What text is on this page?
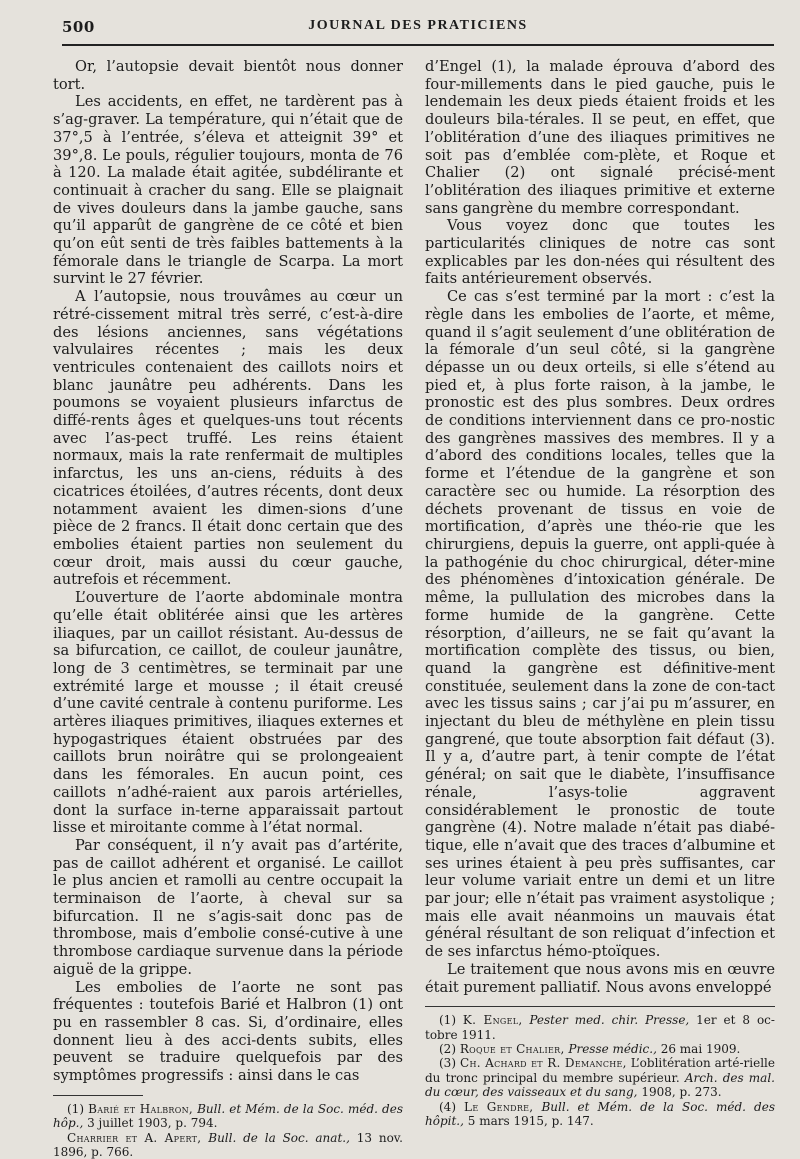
500	JOURNAL DES PRATICIENS

Or, l’autopsie devait bientôt nous donner tort.

Les accidents, en effet, ne tardèrent pas à s’ag-graver. La température, qui n’était que de 37°,5 à l’entrée, s’éleva et atteignit 39° et 39°,8. Le pouls, régulier toujours, monta de 76 à 120. La malade était agitée, subdélirante et continuait à cracher du sang. Elle se plaignait de vives douleurs dans la jambe gauche, sans qu’il apparût de gangrène de ce côté et bien qu’on eût senti de très faibles battements à la fémorale dans le triangle de Scarpa. La mort survint le 27 février.

A l’autopsie, nous trouvâmes au cœur un rétré-cissement mitral très serré, c’est-à-dire des lésions anciennes, sans végétations valvulaires récentes ; mais les deux ventricules contenaient des caillots noirs et blanc jaunâtre peu adhérents. Dans les poumons se voyaient plusieurs infarctus de diffé-rents âges et quelques-uns tout récents avec l’as-pect truffé. Les reins étaient normaux, mais la rate renfermait de multiples infarctus, les uns an-ciens, réduits à des cicatrices étoilées, d’autres récents, dont deux notamment avaient les dimen-sions d’une pièce de 2 francs. Il était donc certain que des embolies étaient parties non seulement du cœur droit, mais aussi du cœur gauche, autrefois et récemment.

L’ouverture de l’aorte abdominale montra qu’elle était oblitérée ainsi que les artères iliaques, par un caillot résistant. Au-dessus de sa bifurcation, ce caillot, de couleur jaunâtre, long de 3 centimètres, se terminait par une extrémité large et mousse ; il était creusé d’une cavité centrale à contenu puriforme. Les artères iliaques primitives, iliaques externes et hypogastriques étaient obstruées par des caillots brun noirâtre qui se prolongeaient dans les fémorales. En aucun point, ces caillots n’adhé-raient aux parois artérielles, dont la surface in-terne apparaissait partout lisse et miroitante comme à l’état normal.

Par conséquent, il n’y avait pas d’artérite, pas de caillot adhérent et organisé. Le caillot le plus ancien et ramolli au centre occupait la terminaison de l’aorte, à cheval sur sa bifurcation. Il ne s’agis-sait donc pas de thrombose, mais d’embolie consé-cutive à une thrombose cardiaque survenue dans la période aiguë de la grippe.

Les embolies de l’aorte ne sont pas fréquentes : toutefois Barié et Halbron (1) ont pu en rassembler 8 cas. Si, d’ordinaire, elles donnent lieu à des acci-dents subits, elles peuvent se traduire quelquefois par des symptômes progressifs : ainsi dans le cas

(1) Barié et Halbron, Bull. et Mém. de la Soc. méd. des hôp., 3 juillet 1903, p. 794.

Charrier et A. Apert, Bull. de la Soc. anat., 13 nov. 1896, p. 766.

d’Engel (1), la malade éprouva d’abord des four-millements dans le pied gauche, puis le lendemain les deux pieds étaient froids et les douleurs bila-térales. Il se peut, en effet, que l’oblitération d’une des iliaques primitives ne soit pas d’emblée com-plète, et Roque et Chalier (2) ont signalé précisé-ment l’oblitération des iliaques primitive et externe sans gangrène du membre correspondant.

Vous voyez donc que toutes les particularités cliniques de notre cas sont explicables par les don-nées qui résultent des faits antérieurement observés.

Ce cas s’est terminé par la mort : c’est la règle dans les embolies de l’aorte, et même, quand il s’agit seulement d’une oblitération de la fémorale d’un seul côté, si la gangrène dépasse un ou deux orteils, si elle s’étend au pied et, à plus forte raison, à la jambe, le pronostic est des plus sombres. Deux ordres de conditions interviennent dans ce pro-nostic des gangrènes massives des membres. Il y a d’abord des conditions locales, telles que la forme et l’étendue de la gangrène et son caractère sec ou humide. La résorption des déchets provenant de tissus en voie de mortification, d’après une théo-rie que les chirurgiens, depuis la guerre, ont appli-quée à la pathogénie du choc chirurgical, déter-mine des phénomènes d’intoxication générale. De même, la pullulation des microbes dans la forme humide de la gangrène. Cette résorption, d’ailleurs, ne se fait qu’avant la mortification complète des tissus, ou bien, quand la gangrène est définitive-ment constituée, seulement dans la zone de con-tact avec les tissus sains ; car j’ai pu m’assurer, en injectant du bleu de méthylène en plein tissu gangrené, que toute absorption fait défaut (3). Il y a, d’autre part, à tenir compte de l’état général; on sait que le diabète, l’insuffisance rénale, l’asys-tolie aggravent considérablement le pronostic de toute gangrène (4). Notre malade n’était pas diabé-tique, elle n’avait que des traces d’albumine et ses urines étaient à peu près suffisantes, car leur volume variait entre un demi et un litre par jour; elle n’était pas vraiment asystolique ; mais elle avait néanmoins un mauvais état général résultant de son reliquat d’infection et de ses infarctus hémo-ptoïques.

Le traitement que nous avons mis en œuvre était purement palliatif. Nous avons enveloppé

(1) K. Engel, Pester med. chir. Presse, 1er et 8 oc-tobre 1911.

(2) Roque et Chalier, Presse médic., 26 mai 1909.

(3) Ch. Achard et R. Demanche, L’oblitération arté-rielle du tronc principal du membre supérieur. Arch. des mal. du cœur, des vaisseaux et du sang, 1908, p. 273.

(4) Le Gendre, Bull. et Mém. de la Soc. méd. des hôpit., 5 mars 1915, p. 147.
